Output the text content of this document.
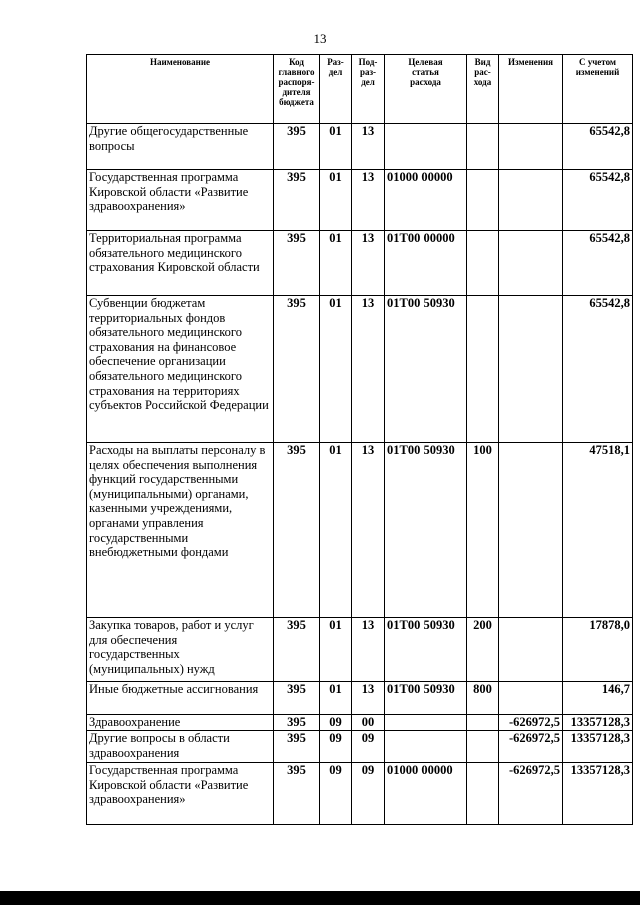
13
Наименование	Код
главного
распоря-
дителя
бюджета	Раз-
дел	Под-
раз-
дел	Целевая
статья
расхода	Вид
рас-
хода	Изменения	С учетом
изменений
Другие общегосударственные вопросы	395	01	13				65542,8
Государственная программа Кировской области «Развитие здравоохранения»	395	01	13	01000 00000			65542,8
Территориальная программа обязательного медицинского страхования Кировской области	395	01	13	01Т00 00000			65542,8
Субвенции бюджетам территориальных фондов обязательного медицинского страхования на финансовое обеспечение организации обязательного медицинского страхования на территориях субъектов Российской Федерации	395	01	13	01Т00 50930			65542,8
Расходы на выплаты персоналу в целях обеспечения выполнения функций государственными (муниципальными) органами, казенными учреждениями, органами управления государственными внебюджетными фондами	395	01	13	01Т00 50930	100		47518,1
Закупка товаров, работ и услуг для обеспечения государственных (муниципальных) нужд	395	01	13	01Т00 50930	200		17878,0
Иные бюджетные ассигнования	395	01	13	01Т00 50930	800		146,7
Здравоохранение	395	09	00			-626972,5	13357128,3
Другие вопросы в области здравоохранения	395	09	09			-626972,5	13357128,3
Государственная программа Кировской области «Развитие здравоохранения»	395	09	09	01000 00000		-626972,5	13357128,3
